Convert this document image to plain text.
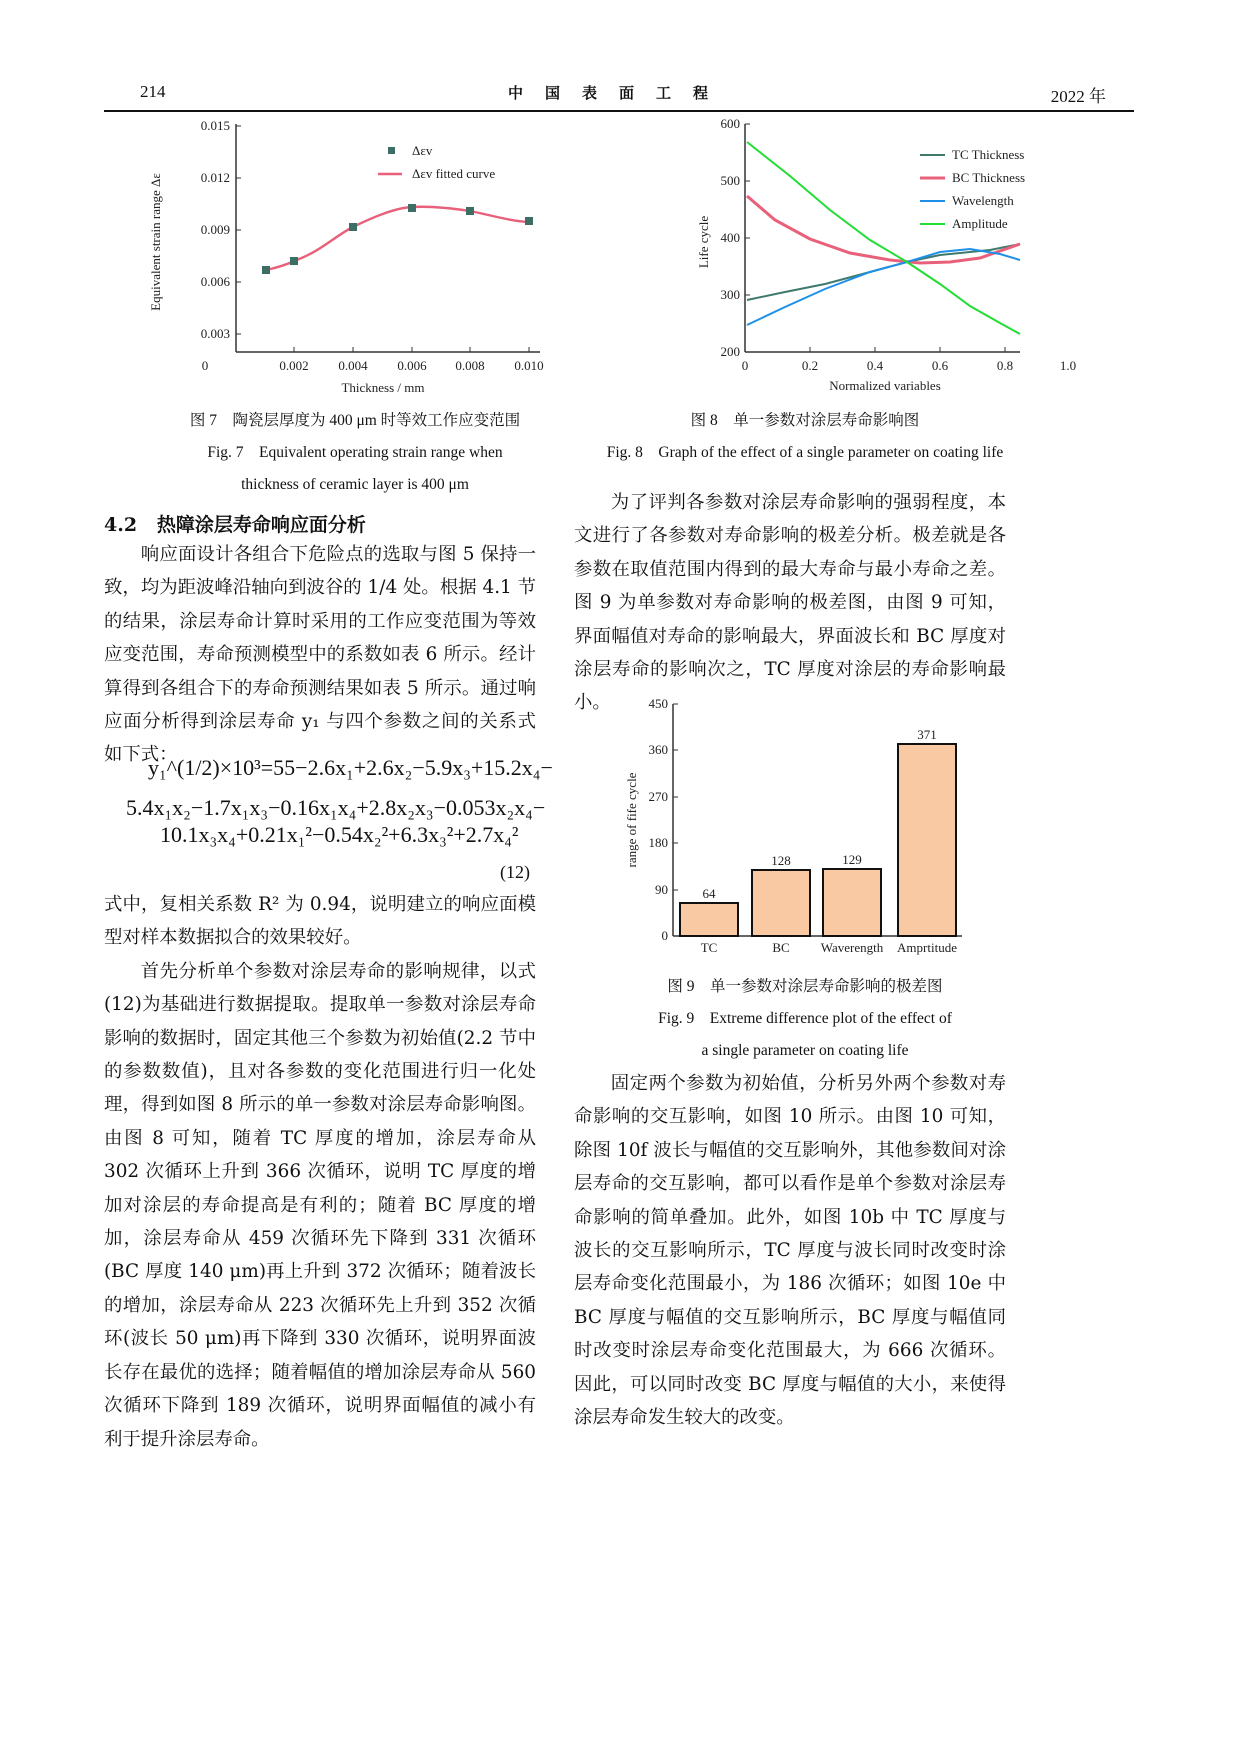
214	中国表面工程	2022 年
0.015
0.012
0.009
0.006
0.003
0	0.002 0.004 0.006 0.008 0.010
Thickness / mm
Equivalent strain range Δε
Δεv
Δεv fitted curve
图 7　陶瓷层厚度为 400 μm 时等效工作应变范围
Fig. 7　Equivalent operating strain range when
thickness of ceramic layer is 400 μm
600
500
400
300
200
0	0.2	0.4	0.6	0.8	1.0
Normalized variables
Life cycle
TC Thickness
BC Thickness
Wavelength
Amplitude
图 8　单一参数对涂层寿命影响图
Fig. 8　Graph of the effect of a single parameter on coating life
4.2 热障涂层寿命响应面分析

响应面设计各组合下危险点的选取与图 5 保持一致，均为距波峰沿轴向到波谷的 1/4 处。根据 4.1 节的结果，涂层寿命计算时采用的工作应变范围为等效应变范围，寿命预测模型中的系数如表 6 所示。经计算得到各组合下的寿命预测结果如表 5 所示。通过响应面分析得到涂层寿命 y₁ 与四个参数之间的关系式如下式：

y₁^(1/2)×10³=55−2.6x₁+2.6x₂−5.9x₃+15.2x₄−
5.4x₁x₂−1.7x₁x₃−0.16x₁x₄+2.8x₂x₃−0.053x₂x₄−
10.1x₃x₄+0.21x₁²−0.54x₂²+6.3x₃²+2.7x₄²
(12)

式中，复相关系数 R² 为 0.94，说明建立的响应面模型对样本数据拟合的效果较好。

首先分析单个参数对涂层寿命的影响规律，以式(12)为基础进行数据提取。提取单一参数对涂层寿命影响的数据时，固定其他三个参数为初始值(2.2 节中的参数数值)，且对各参数的变化范围进行归一化处理，得到如图 8 所示的单一参数对涂层寿命影响图。由图 8 可知，随着 TC 厚度的增加，涂层寿命从 302 次循环上升到 366 次循环，说明 TC 厚度的增加对涂层的寿命提高是有利的；随着 BC 厚度的增加，涂层寿命从 459 次循环先下降到 331 次循环(BC 厚度 140 μm)再上升到 372 次循环；随着波长的增加，涂层寿命从 223 次循环先上升到 352 次循环(波长 50 μm)再下降到 330 次循环，说明界面波长存在最优的选择；随着幅值的增加涂层寿命从 560 次循环下降到 189 次循环，说明界面幅值的减小有利于提升涂层寿命。

为了评判各参数对涂层寿命影响的强弱程度，本文进行了各参数对寿命影响的极差分析。极差就是各参数在取值范围内得到的最大寿命与最小寿命之差。图 9 为单参数对寿命影响的极差图，由图 9 可知，界面幅值对寿命的影响最大，界面波长和 BC 厚度对涂层寿命的影响次之，TC 厚度对涂层的寿命影响最小。	450
360
270
180
90
0
range of fife cycle
64
128	129
371
TC	BC Waverength Amprtitude
图 9　单一参数对涂层寿命影响的极差图
Fig. 9　Extreme difference plot of the effect of
a single parameter on coating life

固定两个参数为初始值，分析另外两个参数对寿命影响的交互影响，如图 10 所示。由图 10 可知，除图 10f 波长与幅值的交互影响外，其他参数间对涂层寿命的交互影响，都可以看作是单个参数对涂层寿命影响的简单叠加。此外，如图 10b 中 TC 厚度与波长的交互影响所示，TC 厚度与波长同时改变时涂层寿命变化范围最小，为 186 次循环；如图 10e 中 BC 厚度与幅值的交互影响所示，BC 厚度与幅值同时改变时涂层寿命变化范围最大，为 666 次循环。因此，可以同时改变 BC 厚度与幅值的大小，来使得涂层寿命发生较大的改变。
